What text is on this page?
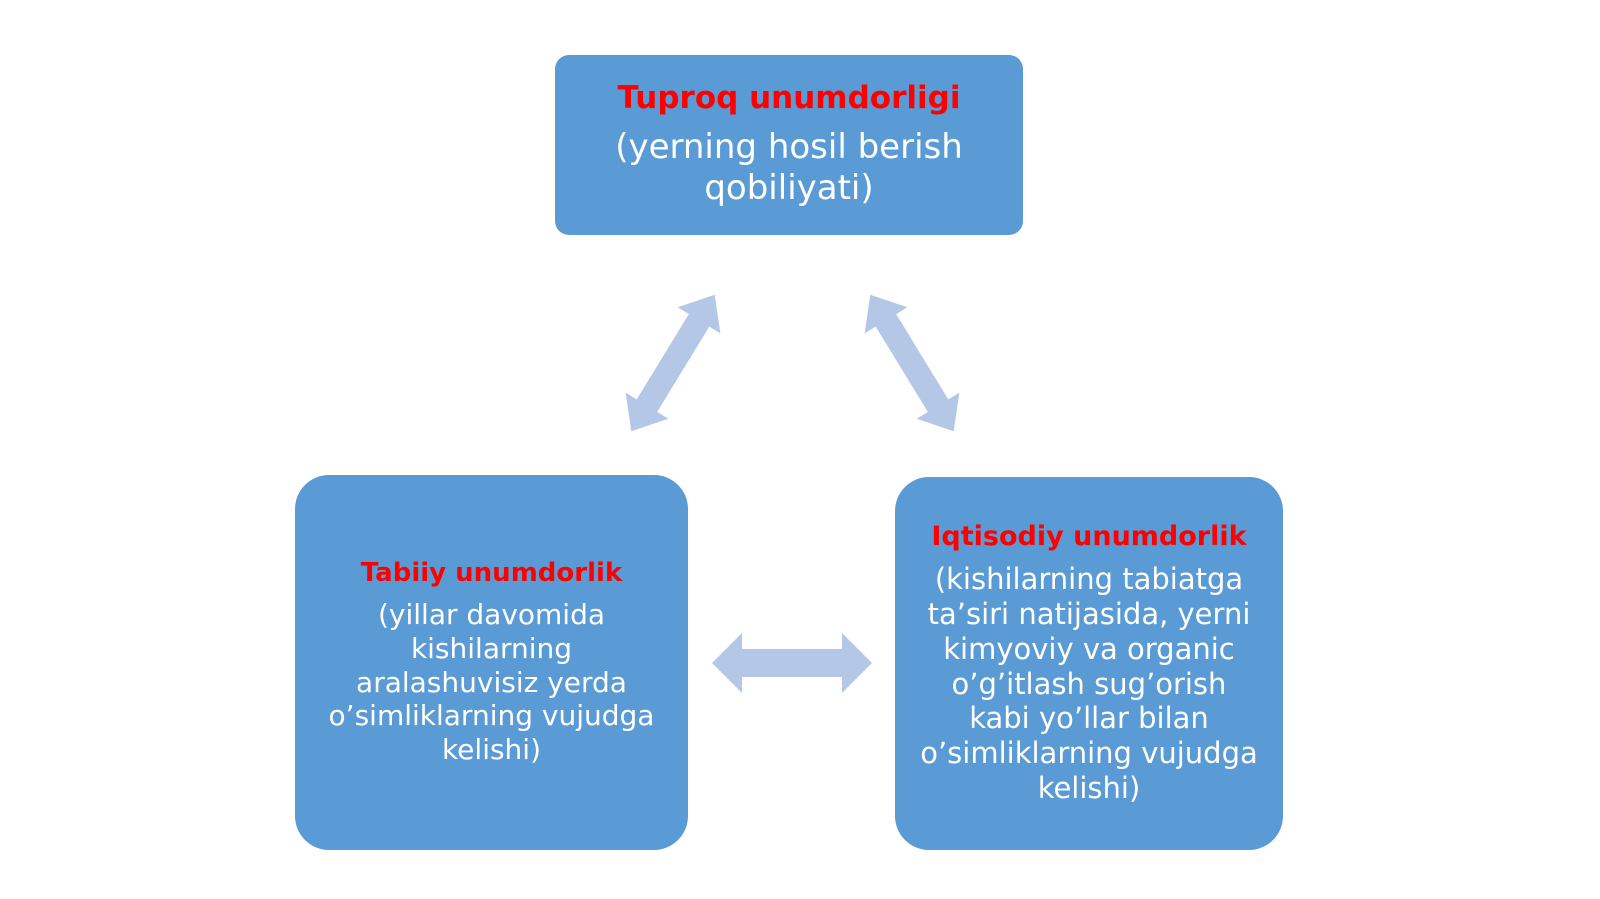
Tuproq unumdorligi
(yerning hosil berish qobiliyati)
Tabiiy unumdorlik
(yillar davomida kishilarning aralashuvisiz yerda o’simliklarning vujudga kelishi)
Iqtisodiy unumdorlik
(kishilarning tabiatga ta’siri natijasida, yerni kimyoviy va organic o’g’itlash sug’orish kabi yo’llar bilan o’simliklarning vujudga kelishi)
